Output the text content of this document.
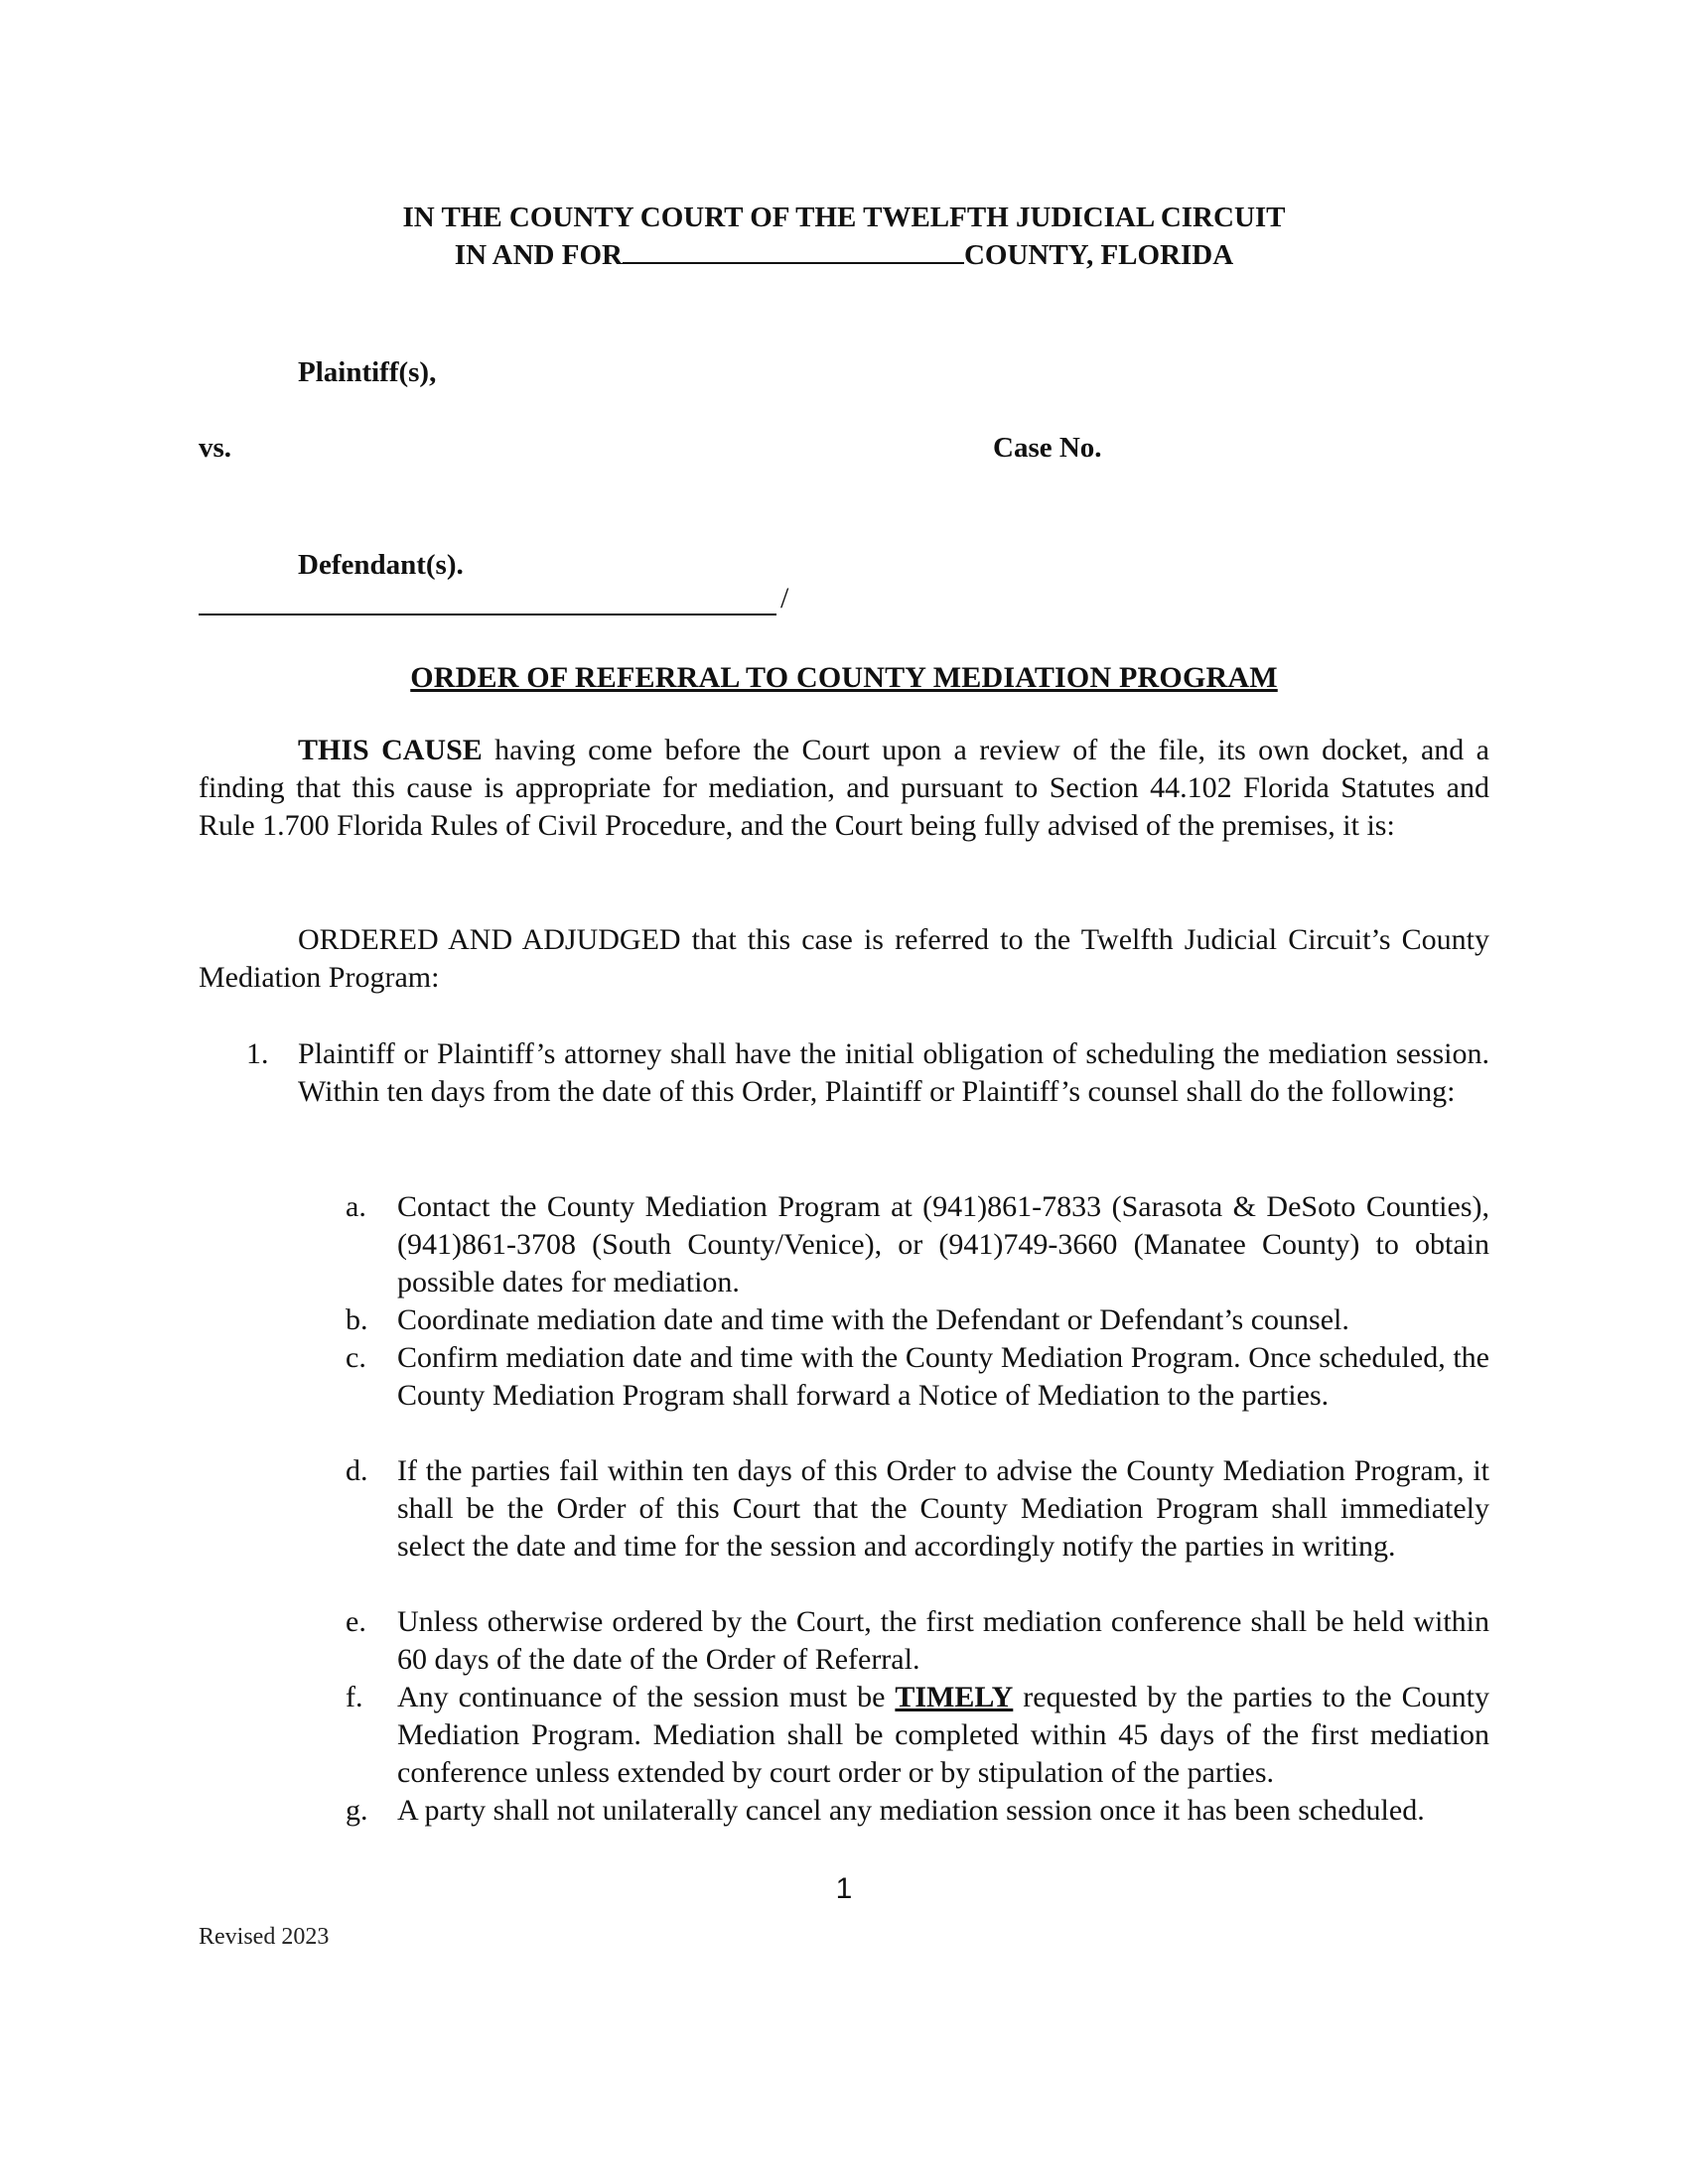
IN THE COUNTY COURT OF THE TWELFTH JUDICIAL CIRCUIT
IN AND FOR	COUNTY, FLORIDA
Plaintiff(s),
vs.	Case No.
Defendant(s).
/
ORDER OF REFERRAL TO COUNTY MEDIATION PROGRAM

THIS CAUSE having come before the Court upon a review of the file, its own docket, and a finding that this cause is appropriate for mediation, and pursuant to Section 44.102 Florida Statutes and Rule 1.700 Florida Rules of Civil Procedure, and the Court being fully advised of the premises, it is:

ORDERED AND ADJUDGED that this case is referred to the Twelfth Judicial Circuit’s County Mediation Program:

1. Plaintiff or Plaintiff’s attorney shall have the initial obligation of scheduling the mediation session. Within ten days from the date of this Order, Plaintiff or Plaintiff’s counsel shall do the following:
a. Contact the County Mediation Program at (941)861-7833 (Sarasota & DeSoto Counties), (941)861-3708 (South County/Venice), or (941)749-3660 (Manatee County) to obtain possible dates for mediation.
b. Coordinate mediation date and time with the Defendant or Defendant’s counsel.
c. Confirm mediation date and time with the County Mediation Program. Once scheduled, the County Mediation Program shall forward a Notice of Mediation to the parties.
d. If the parties fail within ten days of this Order to advise the County Mediation Program, it shall be the Order of this Court that the County Mediation Program shall immediately select the date and time for the session and accordingly notify the parties in writing.
e. Unless otherwise ordered by the Court, the first mediation conference shall be held within 60 days of the date of the Order of Referral.
f. Any continuance of the session must be TIMELY requested by the parties to the County Mediation Program. Mediation shall be completed within 45 days of the first mediation conference unless extended by court order or by stipulation of the parties.
g. A party shall not unilaterally cancel any mediation session once it has been scheduled.
1
Revised 2023
